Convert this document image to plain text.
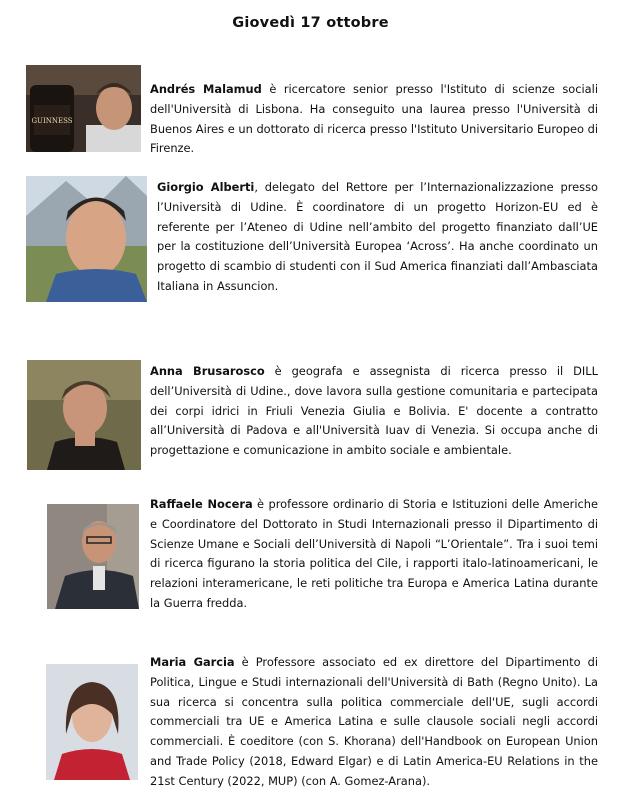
Giovedì 17 ottobre
GUINNESS

Andrés Malamud è ricercatore senior presso l'Istituto di scienze sociali dell'Università di Lisbona. Ha conseguito una laurea presso l'Università di Buenos Aires e un dottorato di ricerca presso l'Istituto Universitario Europeo di Firenze.

Giorgio Alberti, delegato del Rettore per l’Internazionalizzazione presso l’Università di Udine. È coordinatore di un progetto Horizon-EU ed è referente per l’Ateneo di Udine nell’ambito del progetto finanziato dall’UE per la costituzione dell’Università Europea ‘Across’. Ha anche coordinato un progetto di scambio di studenti con il Sud America finanziati dall’Ambasciata Italiana in Assuncion.

Anna Brusarosco è geografa e assegnista di ricerca presso il DILL dell’Università di Udine., dove lavora sulla gestione comunitaria e partecipata dei corpi idrici in Friuli Venezia Giulia e Bolivia. E' docente a contratto all’Università di Padova e all'Università Iuav di Venezia. Si occupa anche di progettazione e comunicazione in ambito sociale e ambientale.

Raffaele Nocera è professore ordinario di Storia e Istituzioni delle Americhe e Coordinatore del Dottorato in Studi Internazionali presso il Dipartimento di Scienze Umane e Sociali dell’Università di Napoli “L’Orientale”. Tra i suoi temi di ricerca figurano la storia politica del Cile, i rapporti italo-latinoamericani, le relazioni interamericane, le reti politiche tra Europa e America Latina durante la Guerra fredda.

Maria Garcia è Professore associato ed ex direttore del Dipartimento di Politica, Lingue e Studi internazionali dell'Università di Bath (Regno Unito). La sua ricerca si concentra sulla politica commerciale dell'UE, sugli accordi commerciali tra UE e America Latina e sulle clausole sociali negli accordi commerciali. È coeditore (con S. Khorana) dell'Handbook on European Union and Trade Policy (2018, Edward Elgar) e di Latin America-EU Relations in the 21st Century (2022, MUP) (con A. Gomez-Arana).
